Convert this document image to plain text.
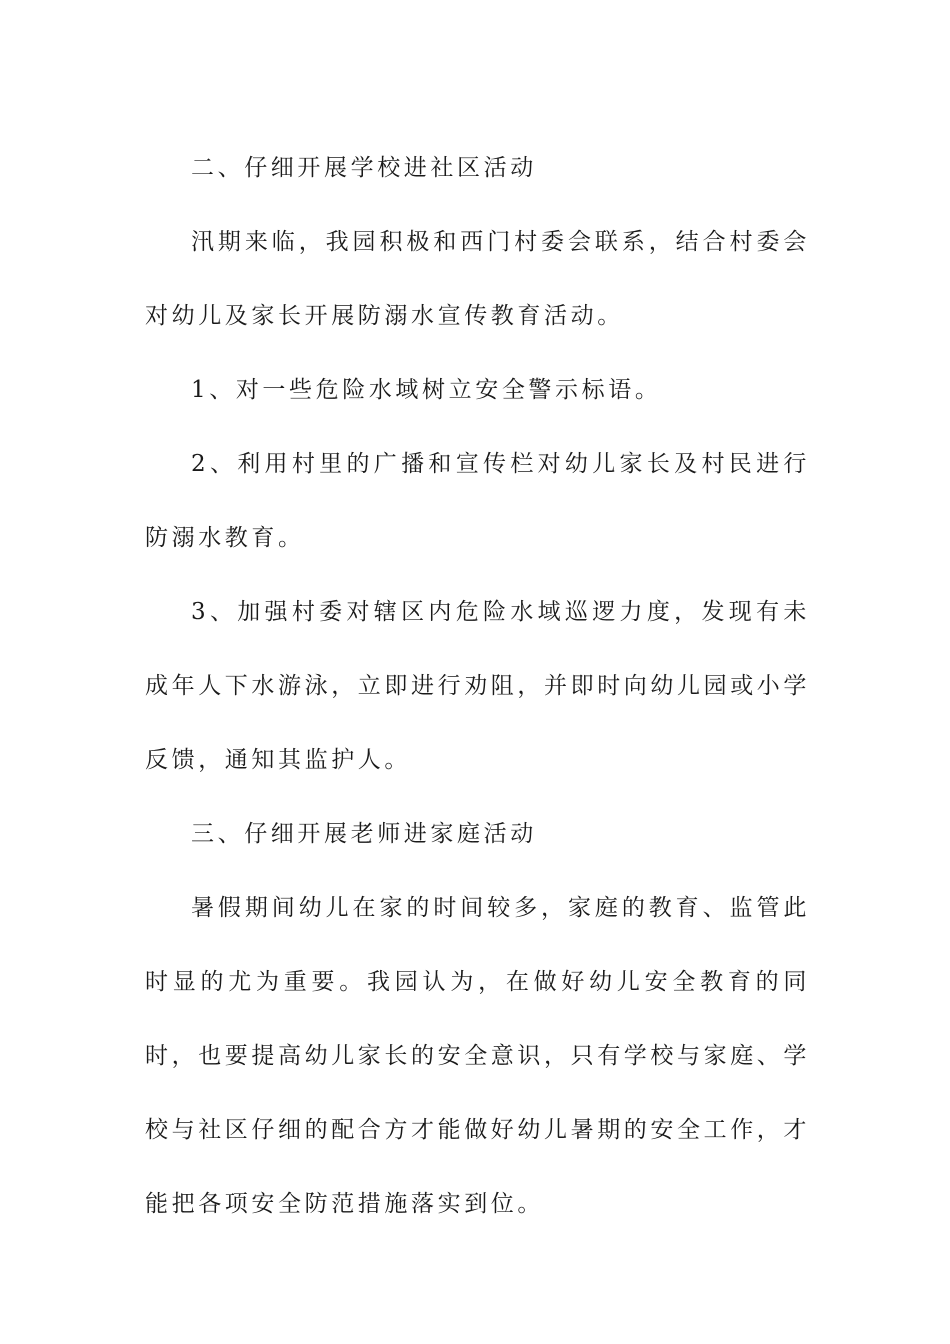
二、仔细开展学校进社区活动

汛期来临，我园积极和西门村委会联系，结合村委会对幼儿及家长开展防溺水宣传教育活动。

1、对一些危险水域树立安全警示标语。

2、利用村里的广播和宣传栏对幼儿家长及村民进行防溺水教育。

3、加强村委对辖区内危险水域巡逻力度，发现有未成年人下水游泳，立即进行劝阻，并即时向幼儿园或小学反馈，通知其监护人。

三、仔细开展老师进家庭活动

暑假期间幼儿在家的时间较多，家庭的教育、监管此时显的尤为重要。我园认为，在做好幼儿安全教育的同时，也要提高幼儿家长的安全意识，只有学校与家庭、学校与社区仔细的配合方才能做好幼儿暑期的安全工作，才能把各项安全防范措施落实到位。
